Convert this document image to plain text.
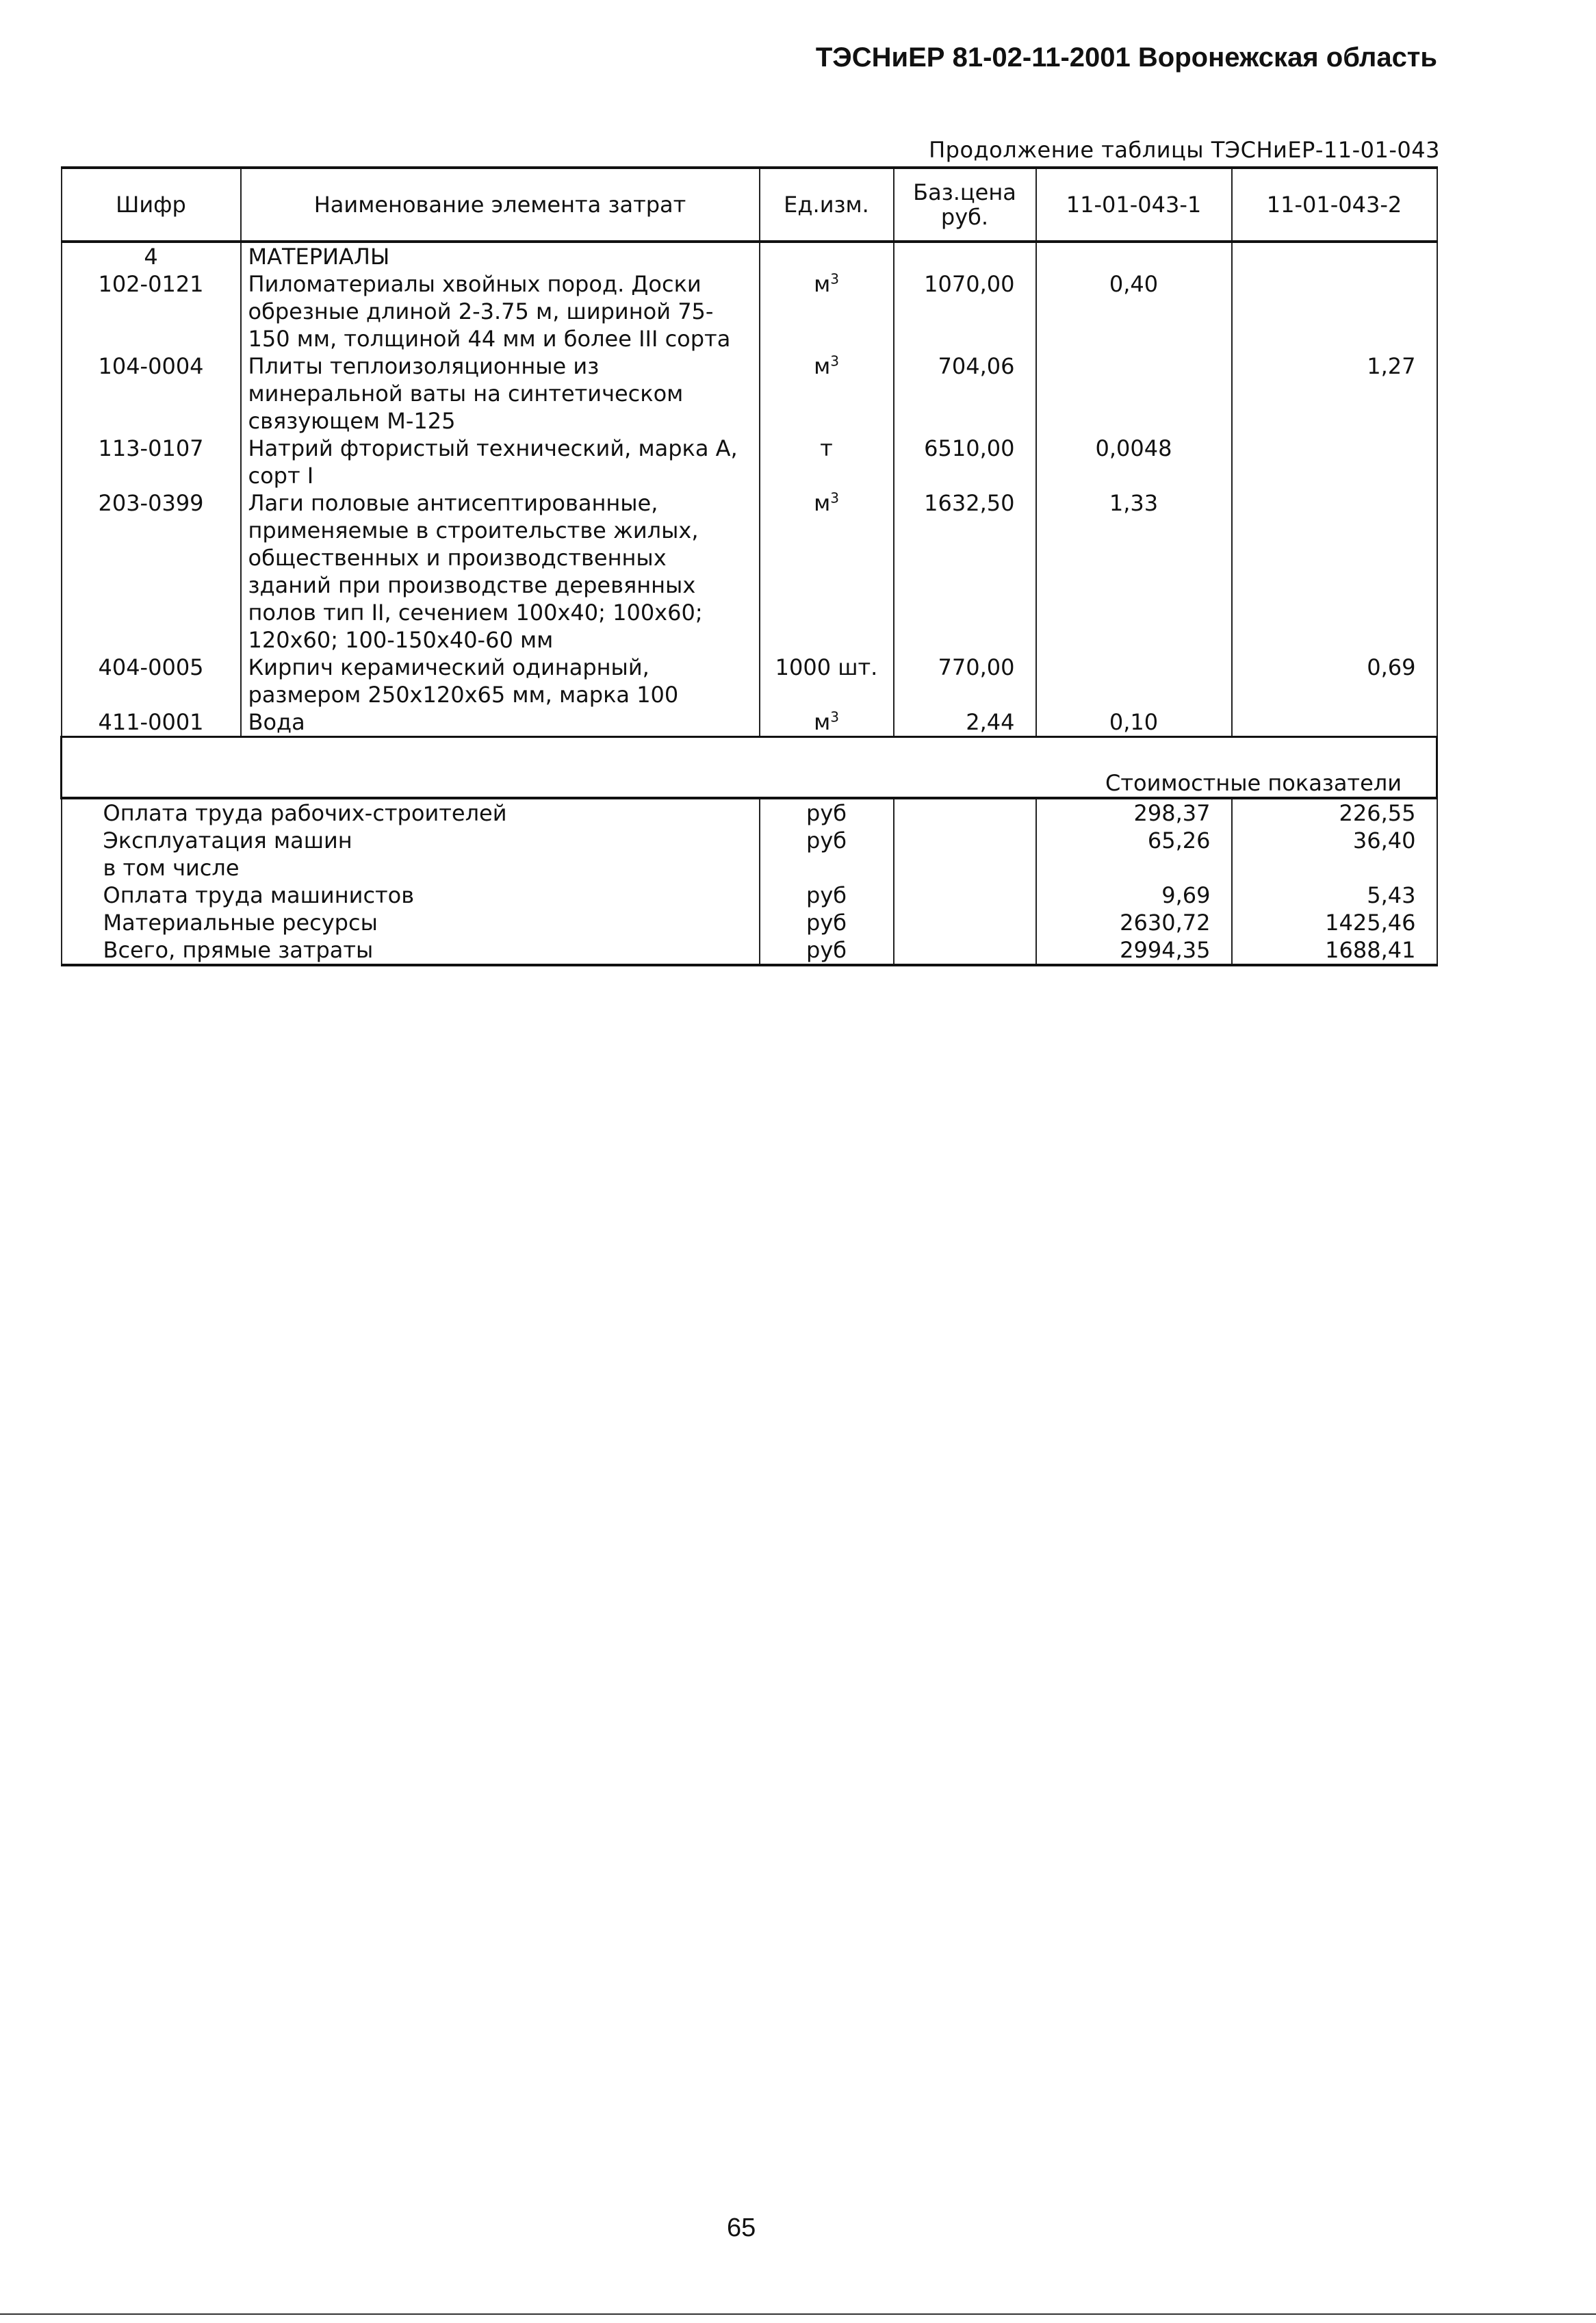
ТЭСНиЕР 81-02-11-2001 Воронежская область
Продолжение таблицы ТЭСНиЕР-11-01-043
Шифр	Наименование элемента затрат	Ед.изм.	Баз.цена руб.	11-01-043-1	11-01-043-2
4	МАТЕРИАЛЫ				
102-0121	Пиломатериалы хвойных пород. Доски обрезные длиной 2-3.75 м, шириной 75-150 мм, толщиной 44 мм и более III сорта	$м^3$	1070,00	0,40	
104-0004	Плиты теплоизоляционные из минеральной ваты на синтетическом связующем М-125	$м^3$	704,06		1,27
113-0107	Натрий фтористый технический, марка А, сорт I	т	6510,00	0,0048	
203-0399	Лаги половые антисептированные, применяемые в строительстве жилых, общественных и производственных зданий при производстве деревянных полов тип II, сечением 100х40; 100х60; 120х60; 100-150х40-60 мм	$м^3$	1632,50	1,33	
404-0005	Кирпич керамический одинарный, размером 250х120х65 мм, марка 100	1000 шт.	770,00		0,69
411-0001	Вода	$м^3$	2,44	0,10	

Стоимостные показатели					
Оплата труда рабочих-строителей		руб		298,37	226,55
Эксплуатация машин		руб		65,26	36,40
в том числе					
Оплата труда машинистов		руб		9,69	5,43
Материальные ресурсы		руб		2630,72	1425,46
Всего, прямые затраты		руб		2994,35	1688,41
65
